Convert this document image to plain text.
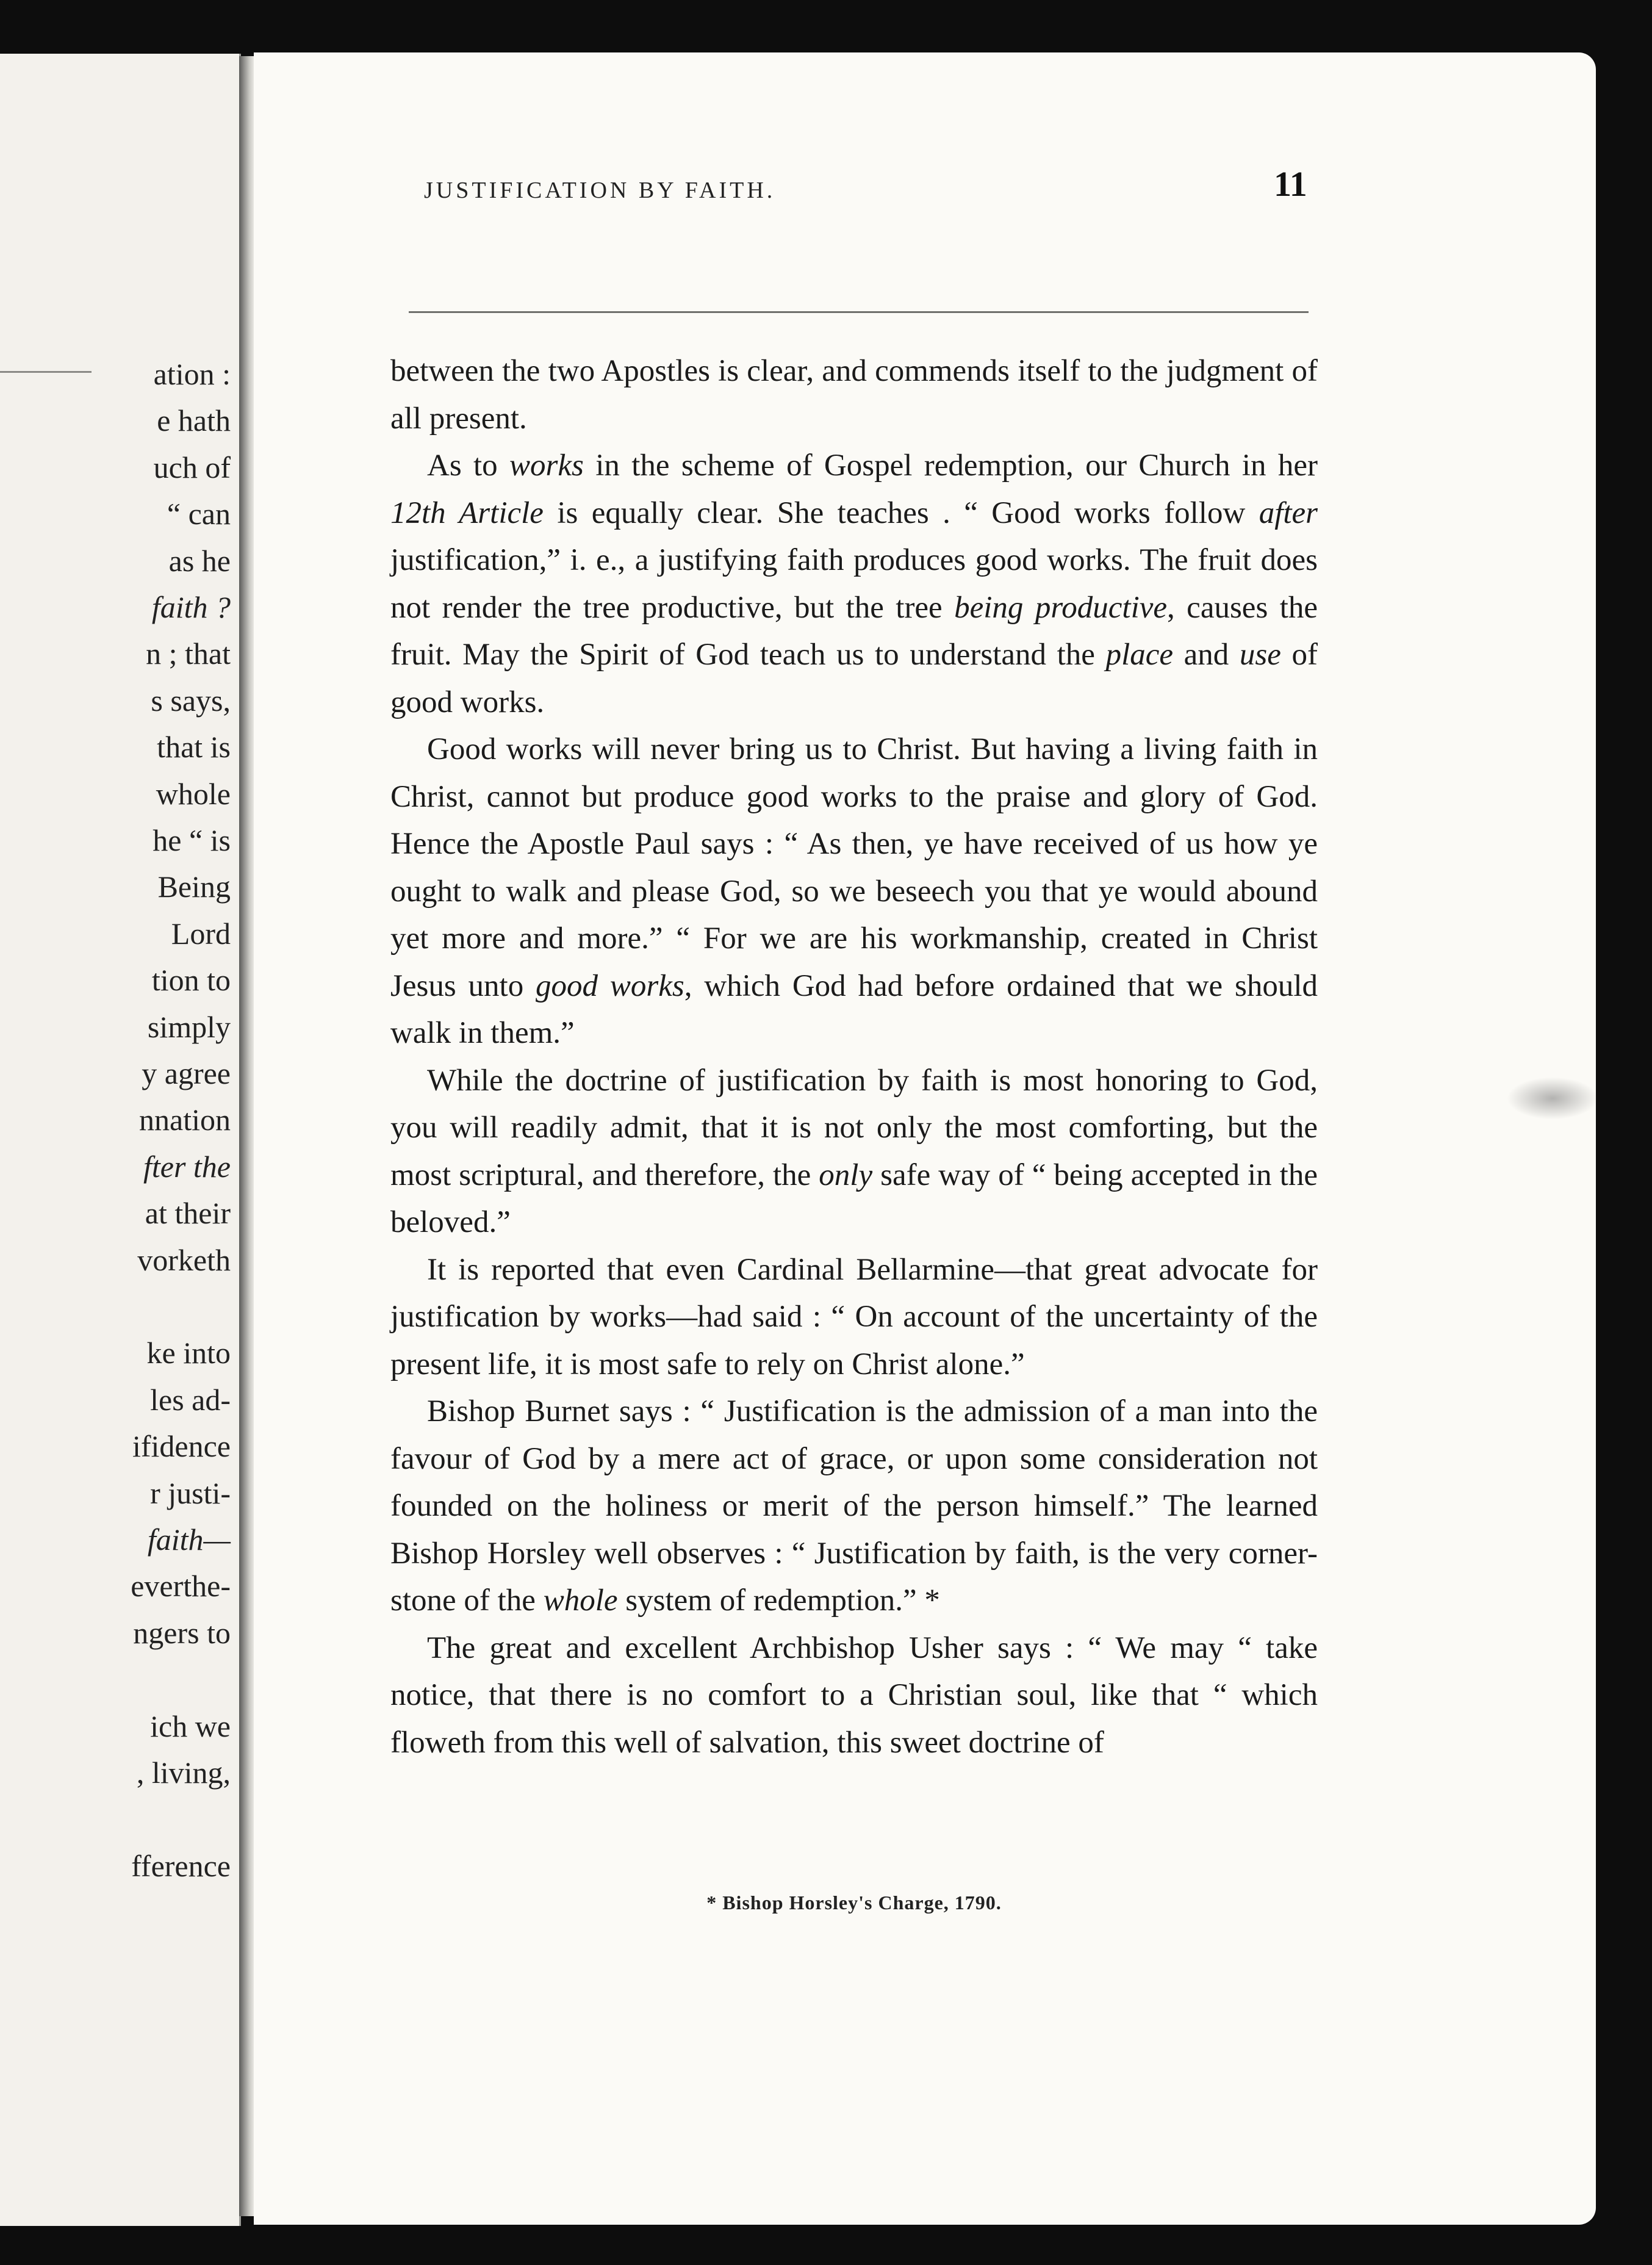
ation :
e hath
uch of
“ can
as he
faith ?
n ; that
s says,
that is
whole
he “ is
Being
Lord
tion to
simply
y agree
nnation
fter the
at their
vorketh
ke into
les ad-
ifidence
r justi-
faith—
everthe-
ngers to
ich we
, living,
fference
JUSTIFICATION BY FAITH.	11

between the two Apostles is clear, and commends itself to the judgment of all present.

As to works in the scheme of Gospel redemption, our Church in her 12th Article is equally clear. She teaches . “ Good works follow after justification,” i. e., a justifying faith produces good works. The fruit does not render the tree productive, but the tree being productive, causes the fruit. May the Spirit of God teach us to understand the place and use of good works.

Good works will never bring us to Christ. But having a living faith in Christ, cannot but produce good works to the praise and glory of God. Hence the Apostle Paul says : “ As then, ye have received of us how ye ought to walk and please God, so we beseech you that ye would abound yet more and more.” “ For we are his workmanship, created in Christ Jesus unto good works, which God had before ordained that we should walk in them.”

While the doctrine of justification by faith is most honoring to God, you will readily admit, that it is not only the most comforting, but the most scriptural, and therefore, the only safe way of “ being accepted in the beloved.”

It is reported that even Cardinal Bellarmine—that great advocate for justification by works—had said : “ On account of the uncertainty of the present life, it is most safe to rely on Christ alone.”

Bishop Burnet says : “ Justification is the admission of a man into the favour of God by a mere act of grace, or upon some consideration not founded on the holiness or merit of the person himself.” The learned Bishop Horsley well observes : “ Justification by faith, is the very corner-stone of the whole system of redemption.” *

The great and excellent Archbishop Usher says : “ We may “ take notice, that there is no comfort to a Christian soul, like that “ which floweth from this well of salvation, this sweet doctrine of

* Bishop Horsley's Charge, 1790.
